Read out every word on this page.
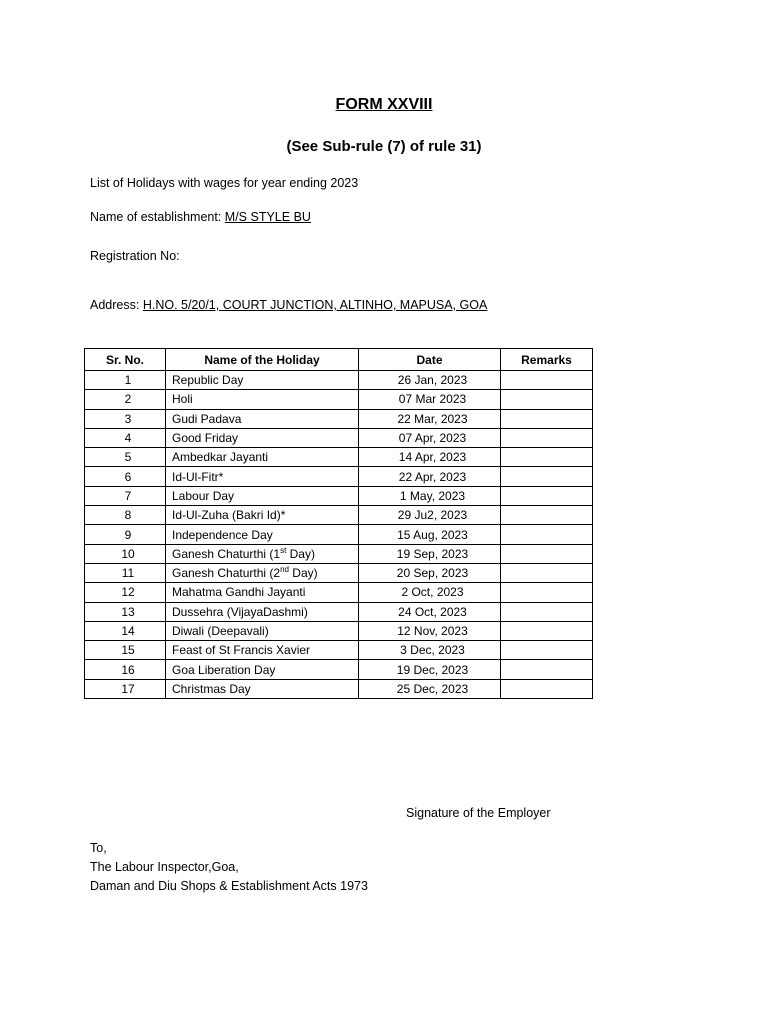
FORM XXVIII
(See Sub-rule (7) of rule 31)
List of Holidays with wages for year ending 2023
Name of establishment: M/S STYLE BU
Registration No:
Address: H.NO. 5/20/1, COURT JUNCTION, ALTINHO, MAPUSA, GOA
Sr. No.	Name of the Holiday	Date	Remarks
1	Republic Day	26 Jan, 2023	
2	Holi	07 Mar 2023	
3	Gudi Padava	22 Mar, 2023	
4	Good Friday	07 Apr, 2023	
5	Ambedkar Jayanti	14 Apr, 2023	
6	Id-Ul-Fitr*	22 Apr, 2023	
7	Labour Day	1 May, 2023	
8	Id-Ul-Zuha (Bakri Id)*	29 Ju2, 2023	
9	Independence Day	15 Aug, 2023	
10	Ganesh Chaturthi (1st Day)	19 Sep, 2023	
11	Ganesh Chaturthi (2nd Day)	20 Sep, 2023	
12	Mahatma Gandhi Jayanti	2 Oct, 2023	
13	Dussehra (VijayaDashmi)	24 Oct, 2023	
14	Diwali (Deepavali)	12 Nov, 2023	
15	Feast of St Francis Xavier	3 Dec, 2023	
16	Goa Liberation Day	19 Dec, 2023	
17	Christmas Day	25 Dec, 2023	
Signature of the Employer
To,
The Labour Inspector,Goa,
Daman and Diu Shops & Establishment Acts 1973
